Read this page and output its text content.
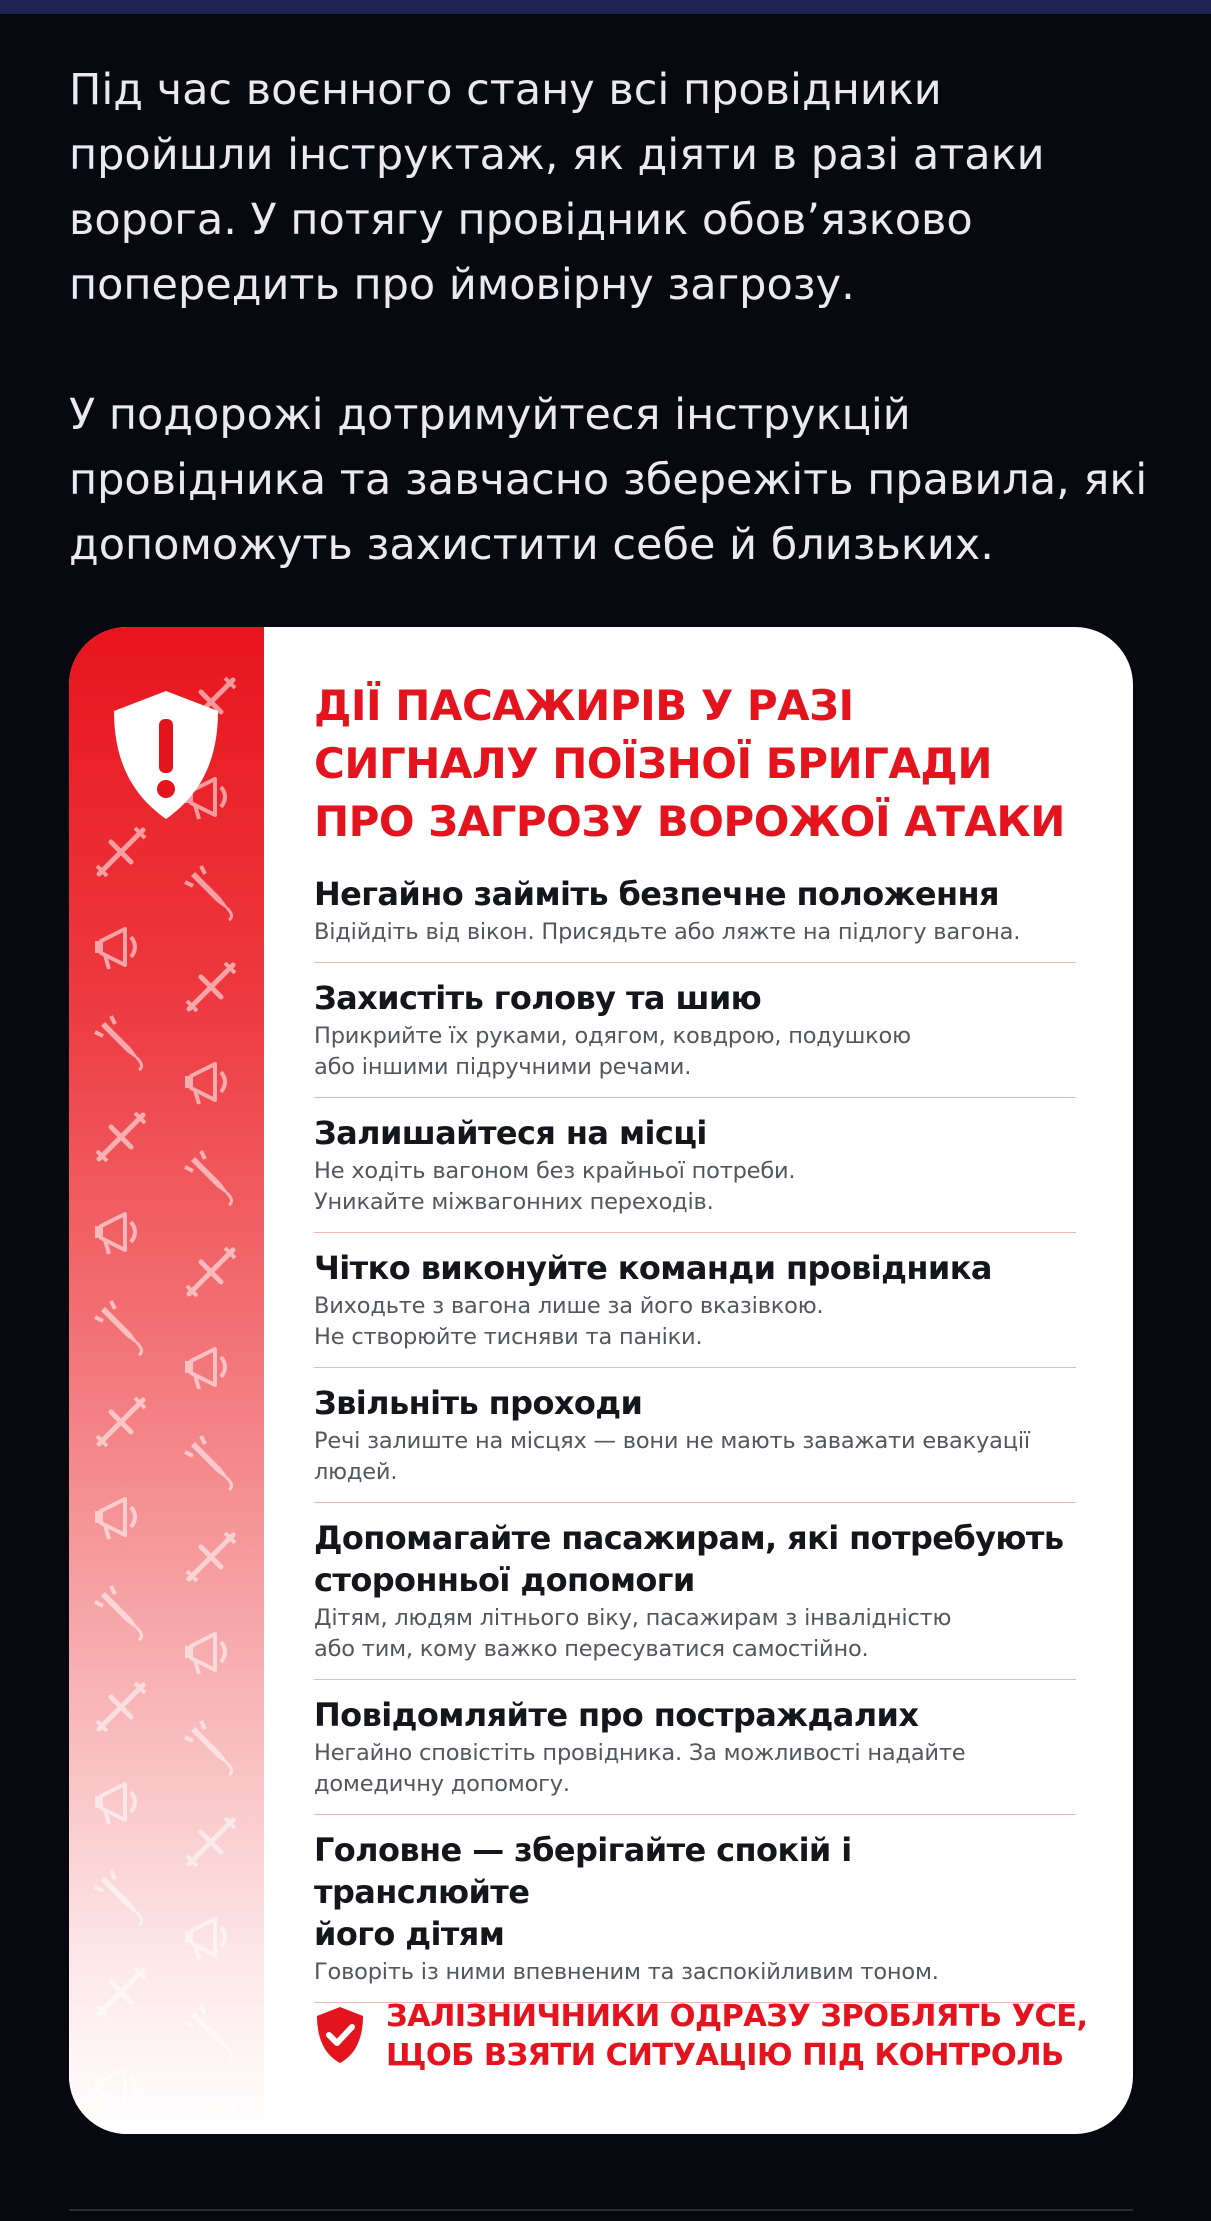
Під час воєнного стану всі провідники пройшли інструктаж, як діяти в разі атаки ворога. У потягу провідник обовʼязково попередить про ймовірну загрозу.

У подорожі дотримуйтеся інструкцій провідника та завчасно збережіть правила, які допоможуть захистити себе й близьких.

ДІЇ ПАСАЖИРІВ У РАЗІ
СИГНАЛУ ПОЇЗНОЇ БРИГАДИ
ПРО ЗАГРОЗУ ВОРОЖОЇ АТАКИ
Негайно займіть безпечне положення
Відійдіть від вікон. Присядьте або ляжте на підлогу вагона.
Захистіть голову та шию
Прикрийте їх руками, одягом, ковдрою, подушкою
або іншими підручними речами.
Залишайтеся на місці
Не ходіть вагоном без крайньої потреби.
Уникайте міжвагонних переходів.
Чітко виконуйте команди провідника
Виходьте з вагона лише за його вказівкою.
Не створюйте тисняви та паніки.
Звільніть проходи
Речі залиште на місцях — вони не мають заважати евакуації
людей.
Допомагайте пасажирам, які потребують
сторонньої допомоги
Дітям, людям літнього віку, пасажирам з інвалідністю
або тим, кому важко пересуватися самостійно.
Повідомляйте про постраждалих
Негайно сповістіть провідника. За можливості надайте
домедичну допомогу.
Головне — зберігайте спокій і транслюйте
його дітям
Говоріть із ними впевненим та заспокійливим тоном.
ЗАЛІЗНИЧНИКИ ОДРАЗУ ЗРОБЛЯТЬ УСЕ,
ЩОБ ВЗЯТИ СИТУАЦІЮ ПІД КОНТРОЛЬ
